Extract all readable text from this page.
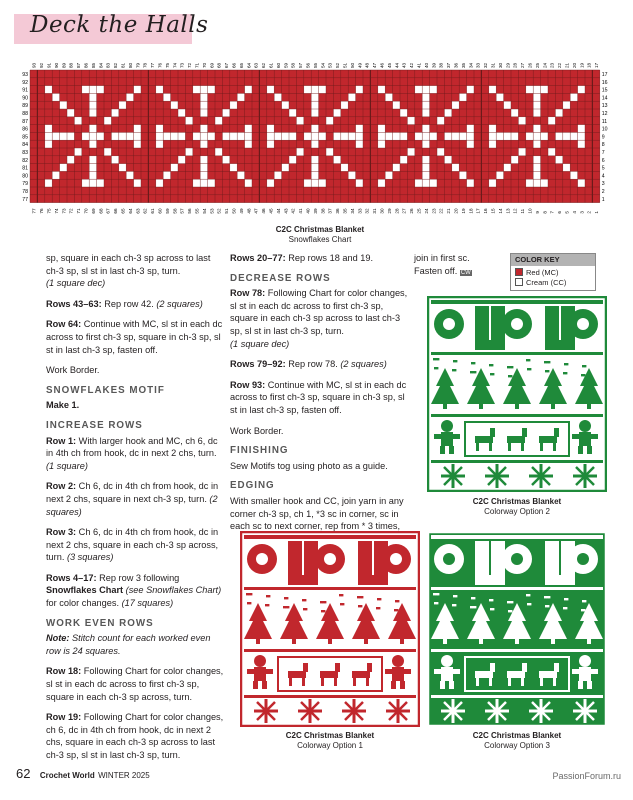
Deck the Halls
93
92
91
90
89
88
87
86
85
84
83
82
81
80
79
78
77
17
16
15
14
13
12
11
10
9
8
7
6
5
4
3
2
1
93
77
92
76
91
75
90
74
89
73
88
72
87
71
86
70
85
69
84
68
83
67
82
66
81
65
80
64
79
63
78
62
77
61
76
60
75
59
74
58
73
57
72
56
71
55
70
54
69
53
68
52
67
51
66
50
65
49
64
48
63
47
62
46
61
45
60
44
59
43
58
42
57
41
56
40
55
39
54
38
53
37
52
36
51
35
50
34
49
33
48
32
47
31
46
30
45
29
44
28
43
27
42
26
41
25
40
24
39
23
38
22
37
21
36
20
35
19
34
18
33
17
32
16
31
15
30
14
29
13
28
12
27
11
26
10
25
9
24
8
23
7
22
6
21
5
20
4
19
3
18
2
17
1
C2C Christmas Blanket
Snowflakes Chart
COLOR KEY
Red (MC)
Cream (CC)

sp, square in each ch-3 sp across to last ch-3 sp, sl st in last ch-3 sp, turn.
(1 square dec)

Rows 43–63: Rep row 42. (2 squares)

Row 64: Continue with MC, sl st in each dc across to first ch-3 sp, square in ch-3 sp, sl st in last ch-3 sp, fasten off.

Work Border.

SNOWFLAKES MOTIF

Make 1.

INCREASE ROWS

Row 1: With larger hook and MC, ch 6, dc in 4th ch from hook, dc in next 2 chs, turn. (1 square)

Row 2: Ch 6, dc in 4th ch from hook, dc in next 2 chs, square in next ch-3 sp, turn. (2 squares)

Row 3: Ch 6, dc in 4th ch from hook, dc in next 2 chs, square in each ch-3 sp across, turn. (3 squares)

Rows 4–17: Rep row 3 following Snowflakes Chart (see Snowflakes Chart) for color changes. (17 squares)

WORK EVEN ROWS

Note: Stitch count for each worked even row is 24 squares.

Row 18: Following Chart for color changes, sl st in each dc across to first ch-3 sp, square in each ch-3 sp across, turn.

Row 19: Following Chart for color changes, ch 6, dc in 4th ch from hook, dc in next 2 chs, square in each ch-3 sp across to last ch-3 sp, sl st in last ch-3 sp, turn.

Rows 20–77: Rep rows 18 and 19.

DECREASE ROWS

Row 78: Following Chart for color changes, sl st in each dc across to first ch-3 sp, square in each ch-3 sp across to last ch-3 sp, sl st in last ch-3 sp, turn.
(1 square dec)

Rows 79–92: Rep row 78. (2 squares)

Row 93: Continue with MC, sl st in each dc across to first ch-3 sp, square in ch-3 sp, sl st in last ch-3 sp, fasten off.

Work Border.

FINISHING

Sew Motifs tog using photo as a guide.

EDGING

With smaller hook and CC, join yarn in any corner ch-3 sp, ch 1, *3 sc in corner, sc in each sc to next corner, rep from * 3 times,

join in first sc. Fasten off. CW

C2C Christmas Blanket
Colorway Option 2
C2C Christmas Blanket
Colorway Option 1
C2C Christmas Blanket
Colorway Option 3
62 Crochet World WINTER 2025	PassionForum.ru
